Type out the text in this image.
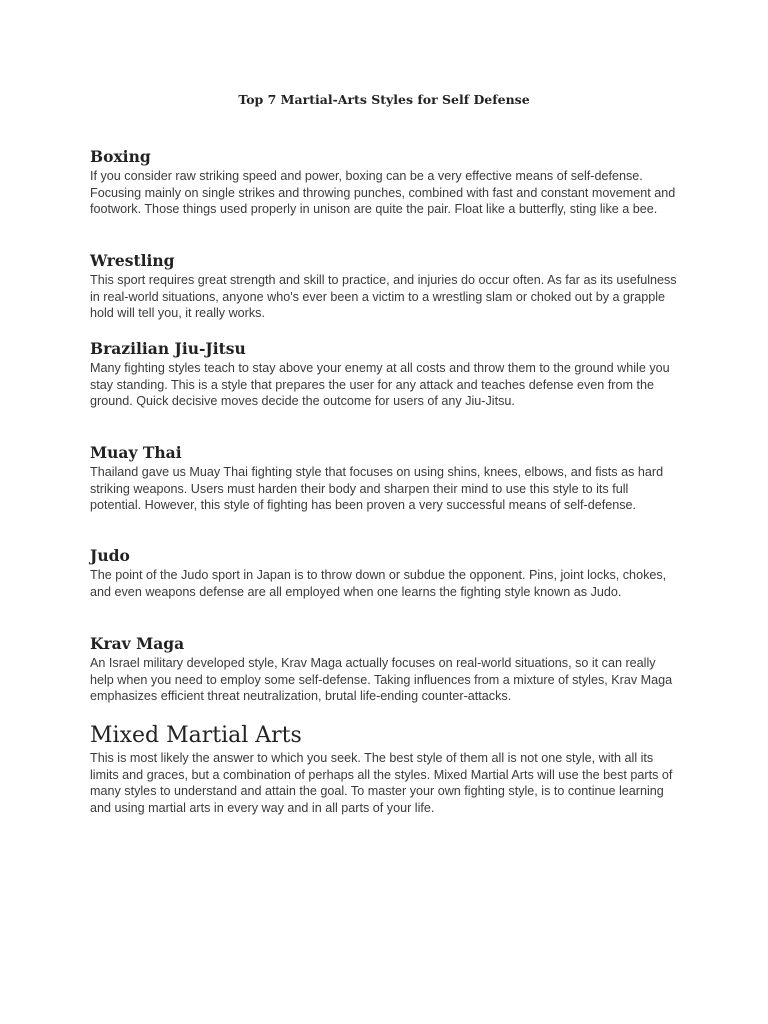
Top 7 Martial-Arts Styles for Self Defense
Boxing

If you consider raw striking speed and power, boxing can be a very effective means of self-defense. Focusing mainly on single strikes and throwing punches, combined with fast and constant movement and footwork. Those things used properly in unison are quite the pair. Float like a butterfly, sting like a bee.

Wrestling

This sport requires great strength and skill to practice, and injuries do occur often. As far as its usefulness in real-world situations, anyone who's ever been a victim to a wrestling slam or choked out by a grapple hold will tell you, it really works.

Brazilian Jiu-Jitsu

Many fighting styles teach to stay above your enemy at all costs and throw them to the ground while you stay standing. This is a style that prepares the user for any attack and teaches defense even from the ground. Quick decisive moves decide the outcome for users of any Jiu-Jitsu.

Muay Thai

Thailand gave us Muay Thai fighting style that focuses on using shins, knees, elbows, and fists as hard striking weapons. Users must harden their body and sharpen their mind to use this style to its full potential. However, this style of fighting has been proven a very successful means of self-defense.

Judo

The point of the Judo sport in Japan is to throw down or subdue the opponent. Pins, joint locks, chokes, and even weapons defense are all employed when one learns the fighting style known as Judo.

Krav Maga

An Israel military developed style, Krav Maga actually focuses on real-world situations, so it can really help when you need to employ some self-defense. Taking influences from a mixture of styles, Krav Maga emphasizes efficient threat neutralization, brutal life-ending counter-attacks.

Mixed Martial Arts

This is most likely the answer to which you seek. The best style of them all is not one style, with all its limits and graces, but a combination of perhaps all the styles. Mixed Martial Arts will use the best parts of many styles to understand and attain the goal. To master your own fighting style, is to continue learning and using martial arts in every way and in all parts of your life.
